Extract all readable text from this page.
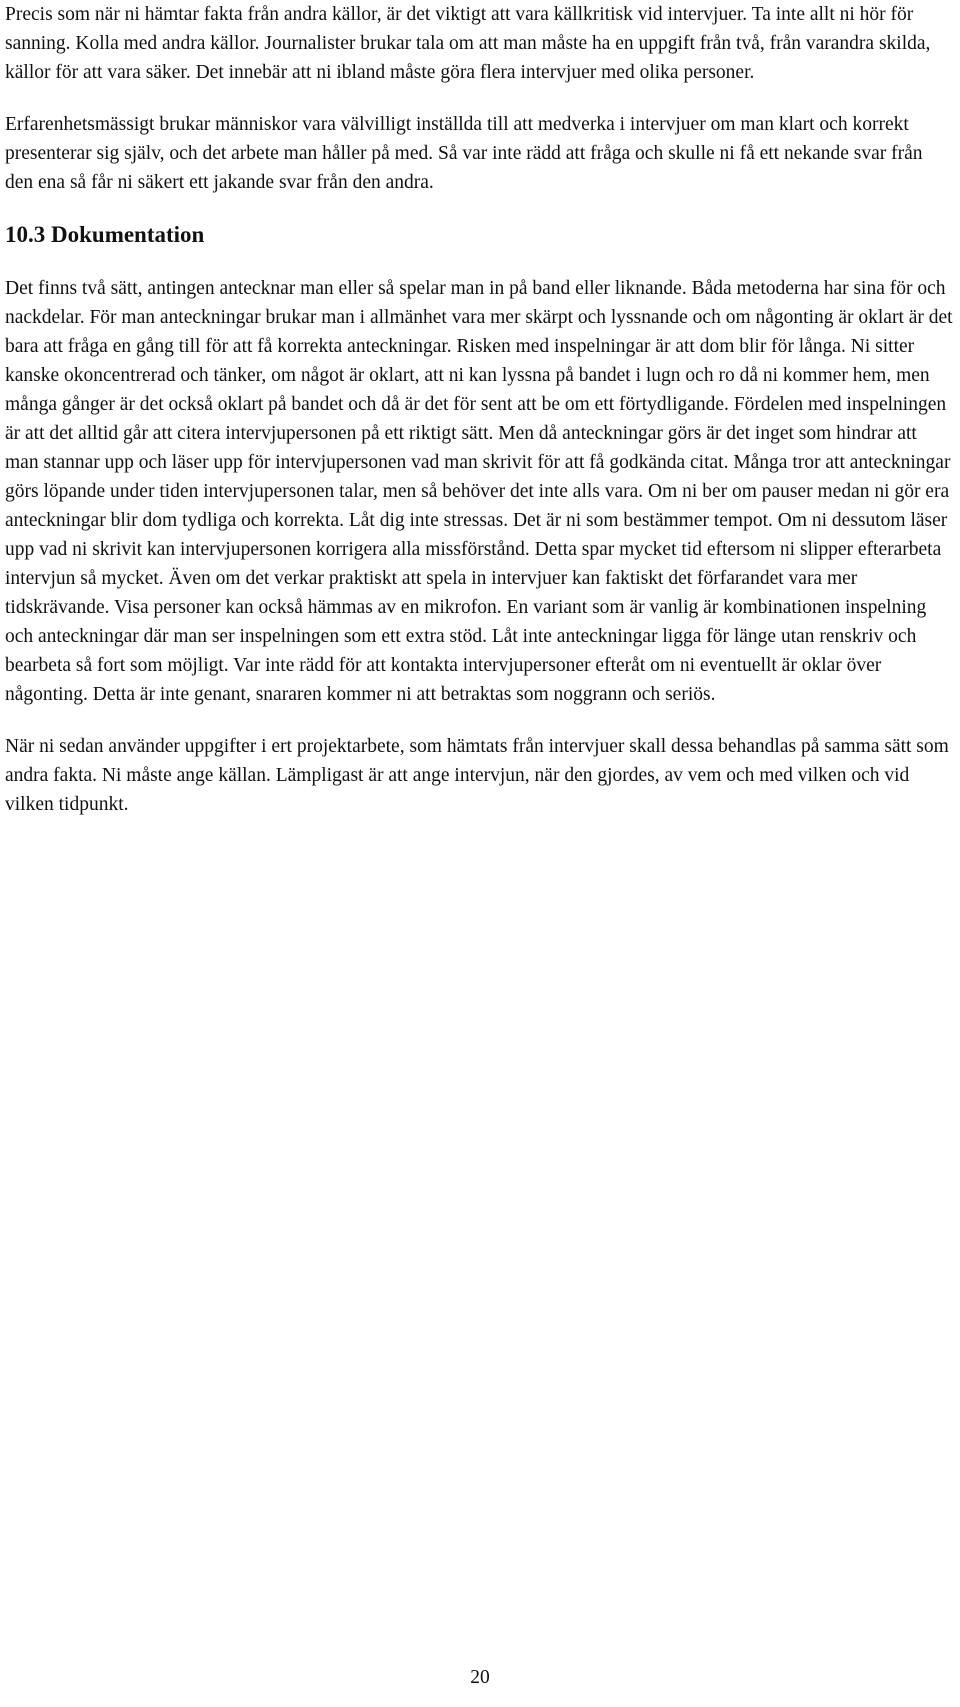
Precis som när ni hämtar fakta från andra källor, är det viktigt att vara källkritisk vid intervjuer. Ta inte allt ni hör för sanning. Kolla med andra källor. Journalister brukar tala om att man måste ha en uppgift från två, från varandra skilda, källor för att vara säker. Det innebär att ni ibland måste göra flera intervjuer med olika personer.

Erfarenhetsmässigt brukar människor vara välvilligt inställda till att medverka i intervjuer om man klart och korrekt presenterar sig själv, och det arbete man håller på med. Så var inte rädd att fråga och skulle ni få ett nekande svar från den ena så får ni säkert ett jakande svar från den andra.

10.3 Dokumentation

Det finns två sätt, antingen antecknar man eller så spelar man in på band eller liknande. Båda metoderna har sina för och nackdelar. För man anteckningar brukar man i allmänhet vara mer skärpt och lyssnande och om någonting är oklart är det bara att fråga en gång till för att få korrekta anteckningar. Risken med inspelningar är att dom blir för långa. Ni sitter kanske okoncentrerad och tänker, om något är oklart, att ni kan lyssna på bandet i lugn och ro då ni kommer hem, men många gånger är det också oklart på bandet och då är det för sent att be om ett förtydligande. Fördelen med inspelningen är att det alltid går att citera intervjupersonen på ett riktigt sätt. Men då anteckningar görs är det inget som hindrar att man stannar upp och läser upp för intervjupersonen vad man skrivit för att få godkända citat. Många tror att anteckningar görs löpande under tiden intervjupersonen talar, men så behöver det inte alls vara. Om ni ber om pauser medan ni gör era anteckningar blir dom tydliga och korrekta. Låt dig inte stressas. Det är ni som bestämmer tempot. Om ni dessutom läser upp vad ni skrivit kan intervjupersonen korrigera alla missförstånd. Detta spar mycket tid eftersom ni slipper efterarbeta intervjun så mycket. Även om det verkar praktiskt att spela in intervjuer kan faktiskt det förfarandet vara mer tidskrävande. Visa personer kan också hämmas av en mikrofon. En variant som är vanlig är kombinationen inspelning och anteckningar där man ser inspelningen som ett extra stöd. Låt inte anteckningar ligga för länge utan renskriv och bearbeta så fort som möjligt. Var inte rädd för att kontakta intervjupersoner efteråt om ni eventuellt är oklar över någonting. Detta är inte genant, snararen kommer ni att betraktas som noggrann och seriös.

När ni sedan använder uppgifter i ert projektarbete, som hämtats från intervjuer skall dessa behandlas på samma sätt som andra fakta. Ni måste ange källan. Lämpligast är att ange intervjun, när den gjordes, av vem och med vilken och vid vilken tidpunkt.

20
